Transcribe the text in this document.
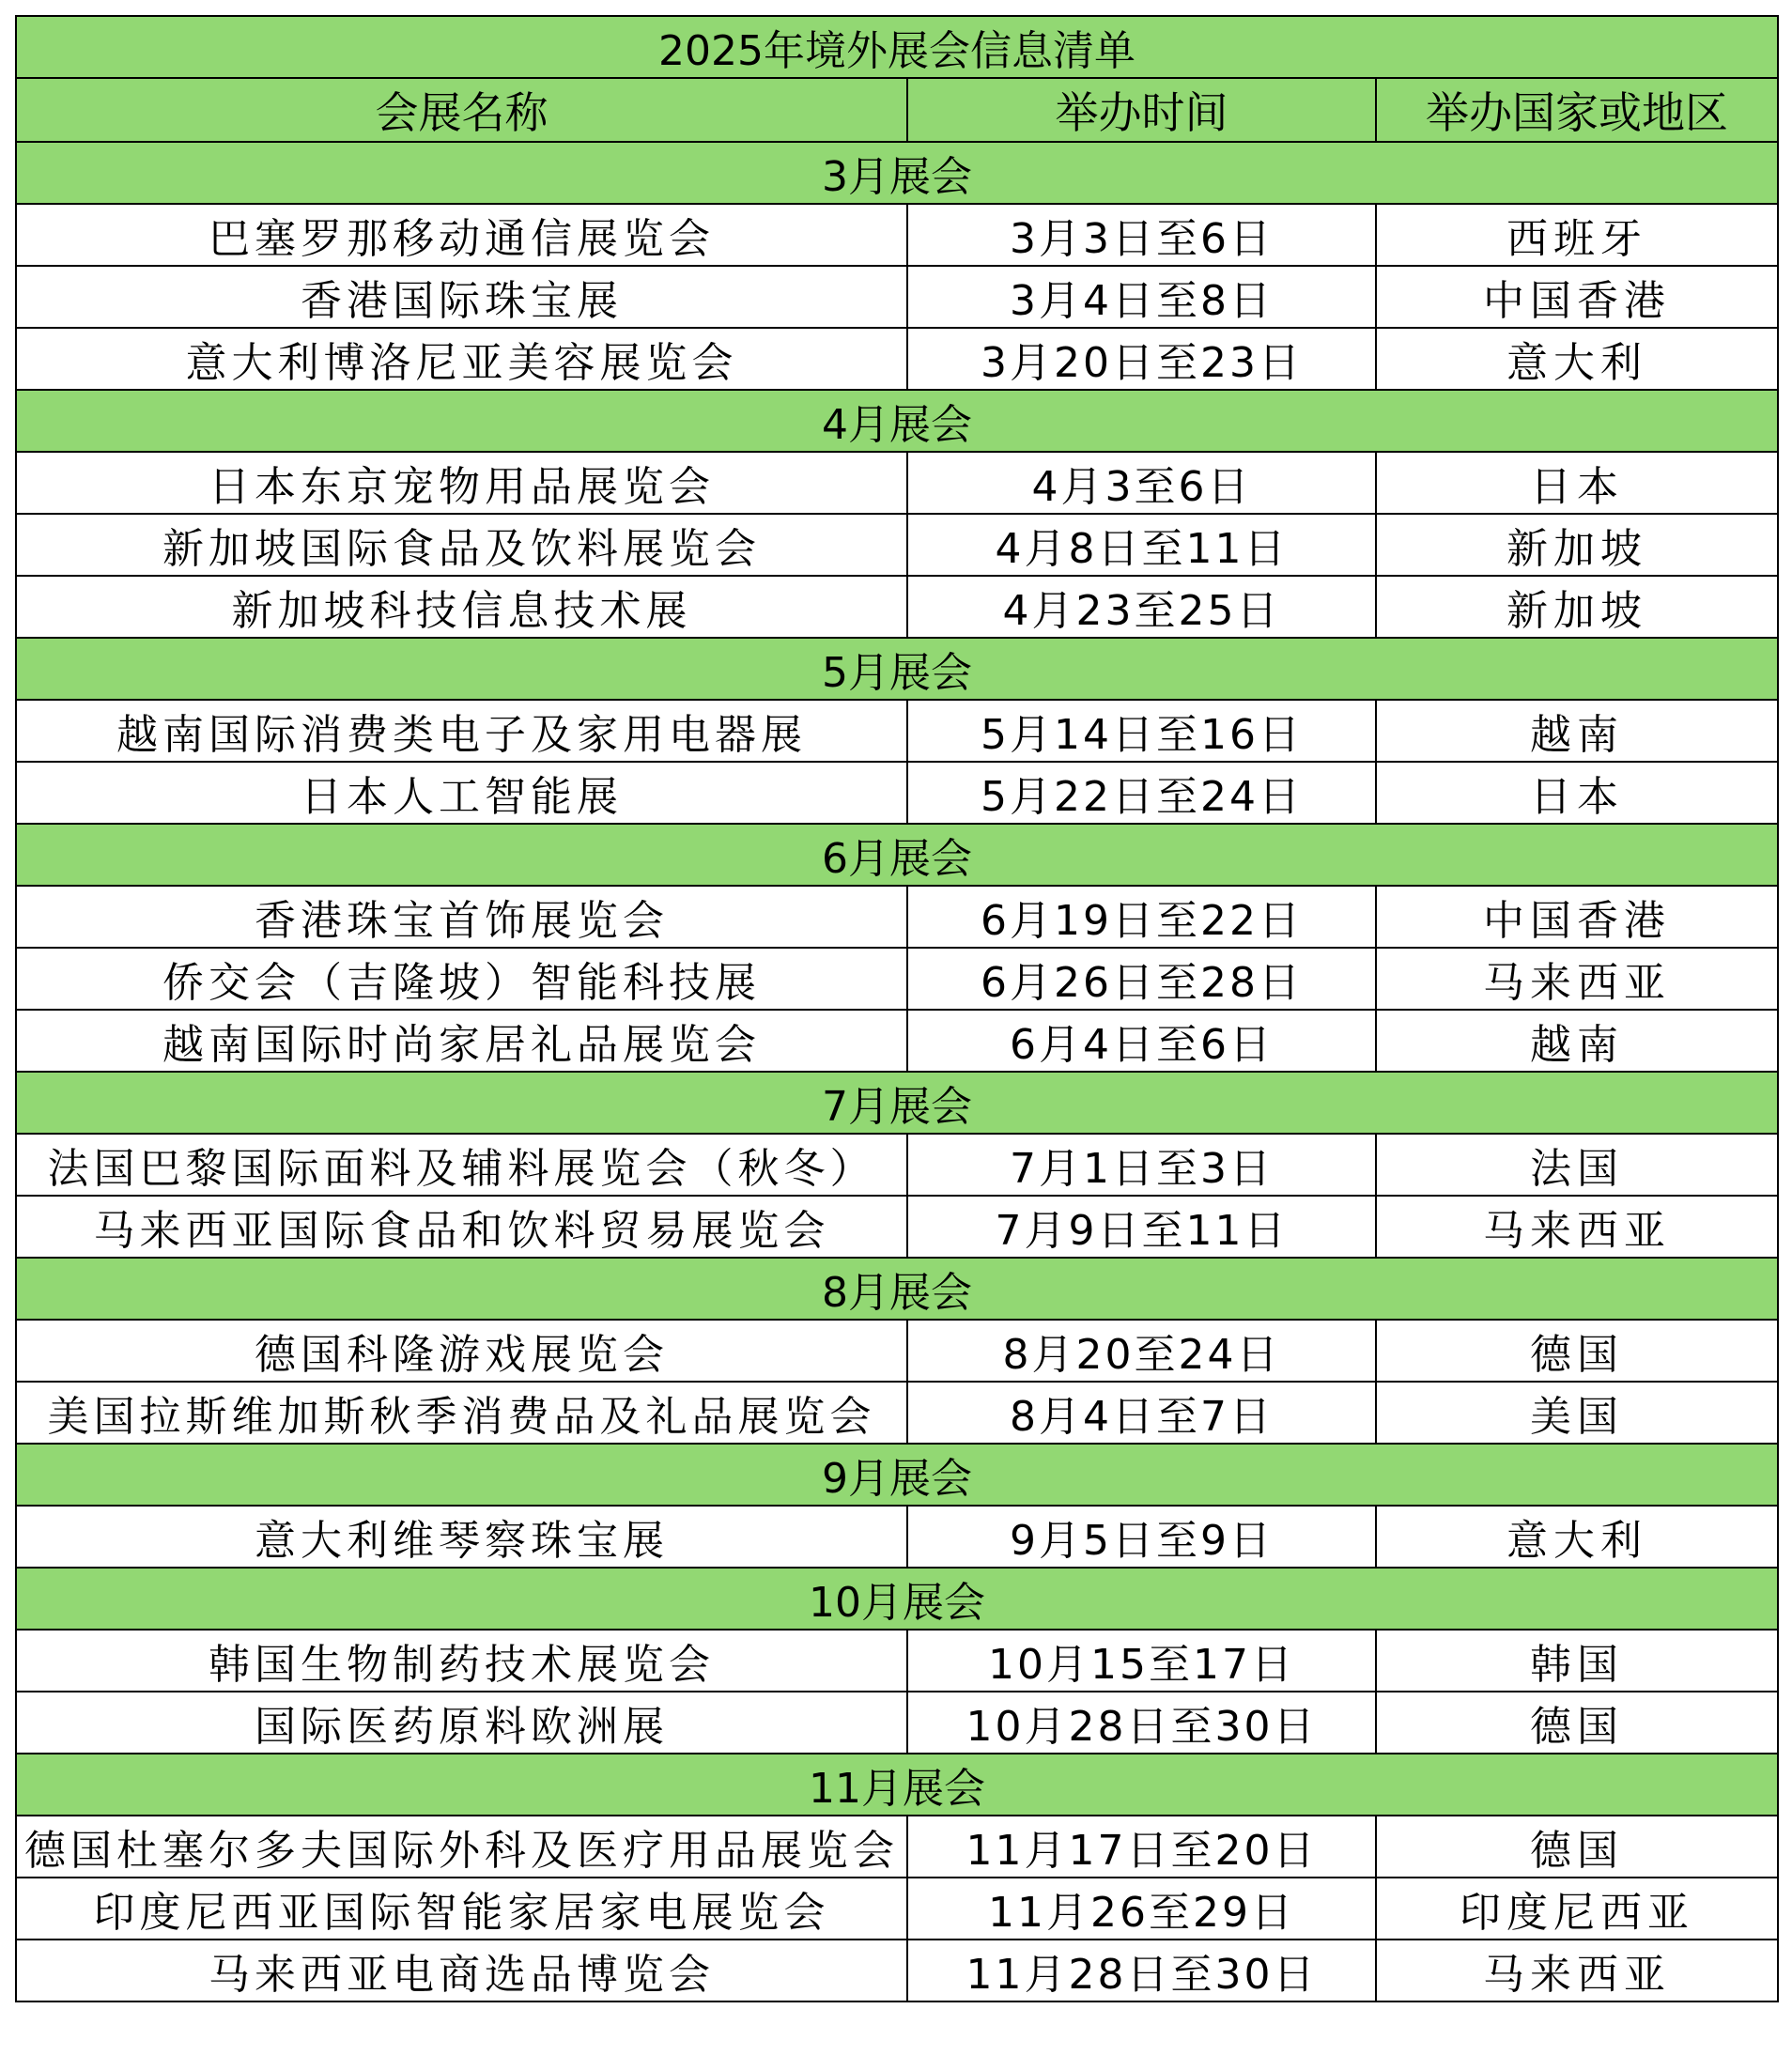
2025年境外展会信息清单		
会展名称	举办时间	举办国家或地区
3月展会		
巴塞罗那移动通信展览会	3月3日至6日	西班牙
香港国际珠宝展	3月4日至8日	中国香港
意大利博洛尼亚美容展览会	3月20日至23日	意大利
4月展会		
日本东京宠物用品展览会	4月3至6日	日本
新加坡国际食品及饮料展览会	4月8日至11日	新加坡
新加坡科技信息技术展	4月23至25日	新加坡
5月展会		
越南国际消费类电子及家用电器展	5月14日至16日	越南
日本人工智能展	5月22日至24日	日本
6月展会		
香港珠宝首饰展览会	6月19日至22日	中国香港
侨交会（吉隆坡）智能科技展	6月26日至28日	马来西亚
越南国际时尚家居礼品展览会	6月4日至6日	越南
7月展会		
法国巴黎国际面料及辅料展览会（秋冬）	7月1日至3日	法国
马来西亚国际食品和饮料贸易展览会	7月9日至11日	马来西亚
8月展会		
德国科隆游戏展览会	8月20至24日	德国
美国拉斯维加斯秋季消费品及礼品展览会	8月4日至7日	美国
9月展会		
意大利维琴察珠宝展	9月5日至9日	意大利
10月展会		
韩国生物制药技术展览会	10月15至17日	韩国
国际医药原料欧洲展	10月28日至30日	德国
11月展会		
德国杜塞尔多夫国际外科及医疗用品展览会	11月17日至20日	德国
印度尼西亚国际智能家居家电展览会	11月26至29日	印度尼西亚
马来西亚电商选品博览会	11月28日至30日	马来西亚
